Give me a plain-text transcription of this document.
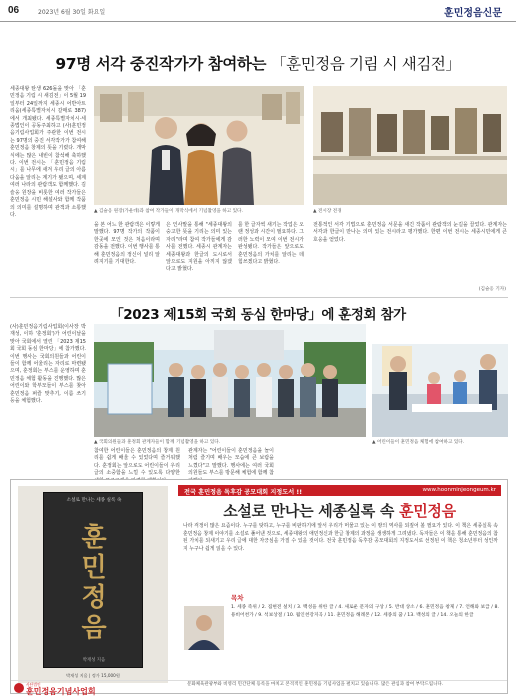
06	2023년 6월 30일 화요일	훈민정음신문
97명 서각 중진작가가 참여하는 「훈민정음 기림 시 새김전」
세종대왕 탄생 626돌을 맞아 「훈민정음 기림 시 새김전」이 5월 19일부터 24일까지 세종시 어반아트리움(세종특별자치시 갈매로 387)에서 개최됐다. 세종특별자치시·세종법인이 공동주최하고 (사)훈민정음기림사업회가 주관한 이번 전시는 97명의 중진 서각작가가 참여해 훈민정음 창제의 뜻을 기렸다. 개막식에는 많은 내빈이 참석해 축하했다. 이번 전시는 「훈민정음 기림시」를 나무에 새겨 우리 글의 아름다움을 알리는 계기가 됐으며, 세계 여러 나라의 관람객도 함께했다. 김슬옹 원장을 비롯한 여러 작가들은 훈민정음 시민 해설사와 함께 작품의 의미를 설명하며 관객과 소통했다.
▲ 김슬옹 원장(가운데)과 참여 작가들이 개막식에서 기념촬영을 하고 있다.	▲ 전시장 전경
을 본 어느 한 관람객은 이렇게 말했다. 97명 작가의 작품이 한곳에 모인 것은 처음이라며 감동을 전했다. 이번 행사를 통해 훈민정음의 정신이 널리 알려지기를 기대한다.
은 인사말을 통해 "세종대왕의 숭고한 뜻을 기리는 의미 있는 자리"라며 참여 작가들에게 감사를 전했다. 세종시 관계자는 세종대왕과 한글의 도시로서 앞으로도 지원을 아끼지 않겠다고 밝혔다.
를 한 글자씩 새기는 작업은 오랜 정성과 시간이 필요하다. 그러한 노력이 모여 이번 전시가 완성됐다. 작가들은 앞으로도 훈민정음의 가치를 알리는 데 힘쓰겠다고 밝혔다.
전통적인 서각 기법으로 훈민정음 서문을 새긴 작품이 관람객의 눈길을 끌었다. 관계자는 서각과 한글이 만나는 의미 있는 전시라고 평가했다. 한편 이번 전시는 세종시민에게 큰 호응을 얻었다.
(김슬옹 기자)
「2023 제15회 국회 동심 한마당」에 훈정회 참가
(사)훈민정음기림사업회(이사장 박재성, 이하 '훈정회')가 어린이날을 맞아 국회에서 열린 「2023 제15회 국회 동심 한마당」에 참가했다. 이번 행사는 국회의원들과 어린이들이 함께 어울리는 자리로 마련됐으며, 훈정회는 부스를 운영하며 훈민정음 체험 활동을 진행했다. 많은 어린이와 학부모들이 부스를 찾아 훈민정음 퍼즐 맞추기, 이름 쓰기 등을 체험했다.
▲ 국회의원들과 훈정회 관계자들이 함께 기념촬영을 하고 있다.	▲ 어린이들이 훈민정음 체험에 참여하고 있다.
참여한 어린이들은 훈민정음의 창제 원리를 쉽게 배울 수 있었다며 즐거워했다. 훈정회는 앞으로도 어린이들이 우리 글의 소중함을 느낄 수 있도록 다양한
관계자는 "어린이들이 훈민정음을 놀이처럼 즐기며 배우는 모습에 큰 보람을 느꼈다"고 말했다. 행사에는 여러 국회의원들도 부스를 방문해 체험에 함께 참
소설로 만나는 세종 실록 속
훈민정음
박재성 지음
박재성 지음 | 정가 15,000원
전국 훈민정음 독후감 공모대회 지정도서 !!	www.hoonminjeongeum.kr
소설로 만나는 세종실록 속 훈민정음
나라 걱정이 많은 요즘이다. 누구를 탓하고, 누구를 비판하기에 앞서 우리가 머물고 있는 이 땅의 역사를 되짚어 볼 필요가 있다. 이 책은 세종실록 속 훈민정음 창제 이야기를 소설로 풀어낸 것으로, 세종대왕의 애민정신과 한글 창제의 과정을 생생하게 그려냈다. 독자들은 이 책을 통해 훈민정음의 참된 가치를 되새기고 우리 글에 대한 자긍심을 가질 수 있을 것이다. 전국 훈민정음 독후감 공모대회의 지정도서로 선정된 이 책은 청소년부터 성인까지 누구나 쉽게 읽을 수 있다.
목차
1. 세종 즉위 / 2. 집현전 설치 / 3. 백성을 위한 글 / 4. 새로운 문자의 구상 / 5. 반대 상소 / 6. 훈민정음 창제 / 7. 언해와 보급 / 8. 용비어천가 / 9. 석보상절 / 10. 월인천강지곡 / 11. 훈민정음 해례본 / 12. 세종의 꿈 / 13. 백성의 글 / 14. 오늘의 한글
사단법인
훈민정음기념사업회
문화체육관광부와 비영리 민간단체 등록을 마치고 본격적인 훈민정음 기념사업을 펼치고 있습니다. 많은 관심과 참여 부탁드립니다.
